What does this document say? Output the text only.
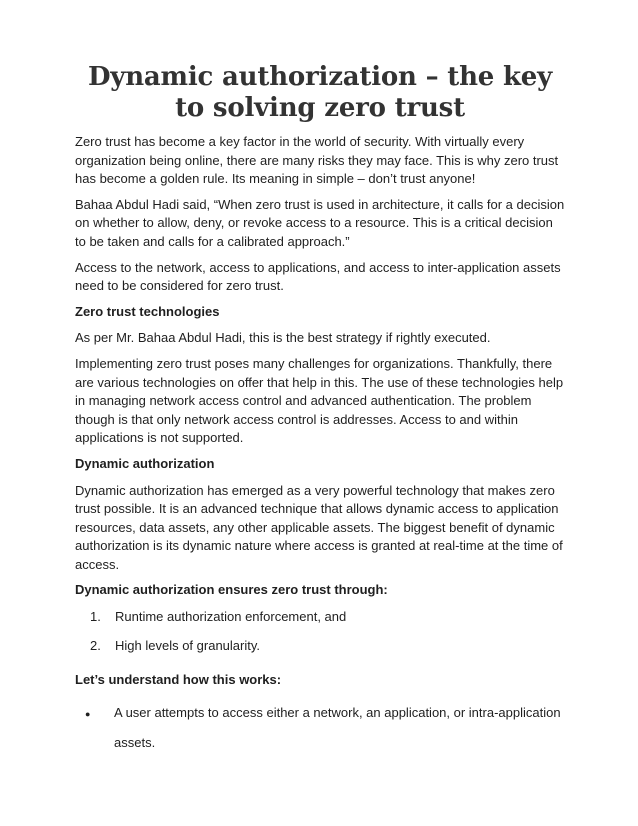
Dynamic authorization – the key to solving zero trust

Zero trust has become a key factor in the world of security. With virtually every organization being online, there are many risks they may face. This is why zero trust has become a golden rule. Its meaning in simple – don’t trust anyone!

Bahaa Abdul Hadi said, “When zero trust is used in architecture, it calls for a decision on whether to allow, deny, or revoke access to a resource. This is a critical decision to be taken and calls for a calibrated approach.”

Access to the network, access to applications, and access to inter-application assets need to be considered for zero trust.

Zero trust technologies

As per Mr. Bahaa Abdul Hadi, this is the best strategy if rightly executed.

Implementing zero trust poses many challenges for organizations. Thankfully, there are various technologies on offer that help in this. The use of these technologies help in managing network access control and advanced authentication. The problem though is that only network access control is addresses. Access to and within applications is not supported.

Dynamic authorization

Dynamic authorization has emerged as a very powerful technology that makes zero trust possible. It is an advanced technique that allows dynamic access to application resources, data assets, any other applicable assets. The biggest benefit of dynamic authorization is its dynamic nature where access is granted at real-time at the time of access.

Dynamic authorization ensures zero trust through:

1.	Runtime authorization enforcement, and
2.	High levels of granularity.

Let’s understand how this works:

●	A user attempts to access either a network, an application, or intra-application assets.
